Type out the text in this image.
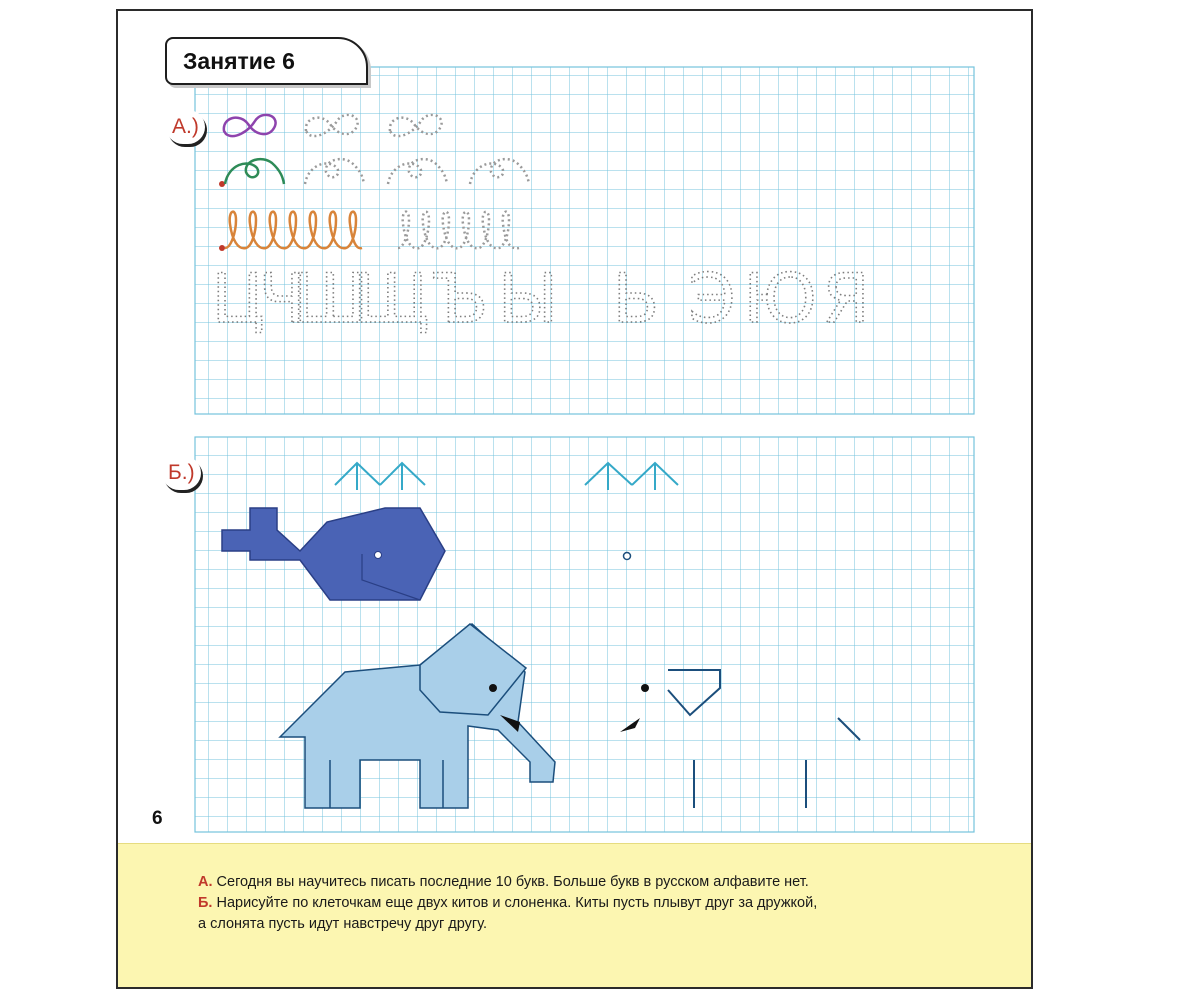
Ц
Ч
Ш
Щ Ъ Ы Ь Э Ю Я
Занятие 6
А.)
Б.)
6

А. Сегодня вы научитесь писать последние 10 букв. Больше букв в русском алфавите нет.

Б. Нарисуйте по клеточкам еще двух китов и слоненка. Киты пусть плывут друг за дружкой,

а слонята пусть идут навстречу друг другу.
